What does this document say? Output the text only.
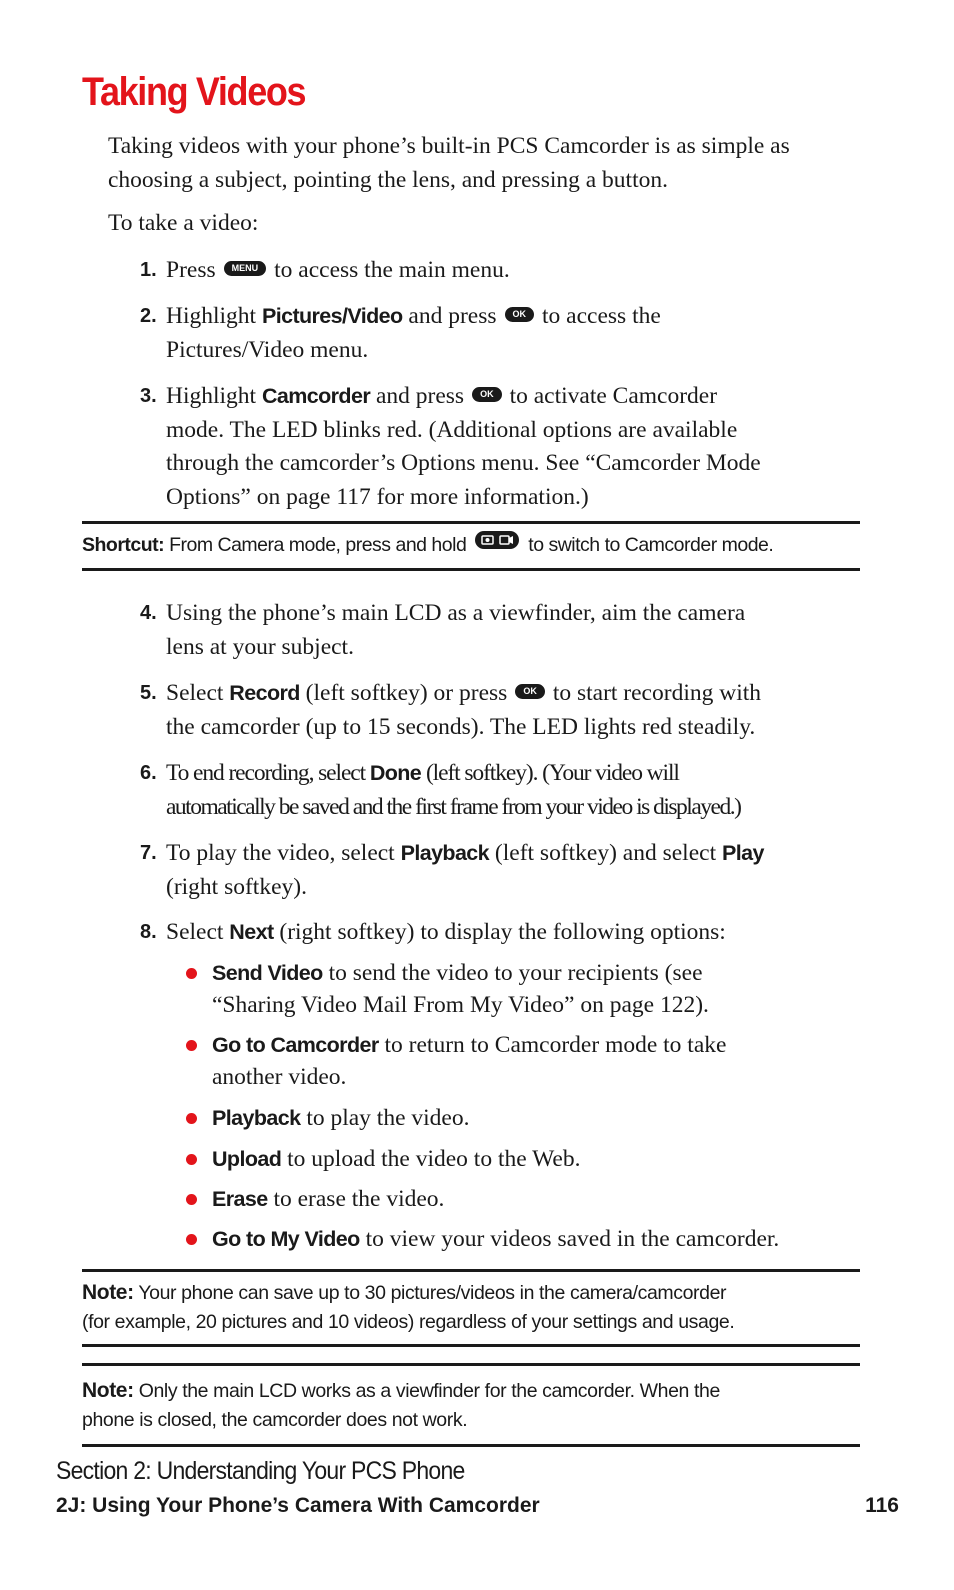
Taking Videos
Taking videos with your phone’s built-in PCS Camcorder is as simple as choosing a subject, pointing the lens, and pressing a button.
To take a video:
1. Press MENU to access the main menu.
2. Highlight Pictures/Video and press OK to access the
Pictures/Video menu.
3. Highlight Camcorder and press OK to activate Camcorder
mode. The LED blinks red. (Additional options are available
through the camcorder’s Options menu. See “Camcorder Mode
Options” on page 117 for more information.)
Shortcut: From Camera mode, press and hold	to switch to Camcorder mode.
4. Using the phone’s main LCD as a viewfinder, aim the camera
lens at your subject.
5. Select Record (left softkey) or press OK to start recording with
the camcorder (up to 15 seconds). The LED lights red steadily.
6. To end recording, select Done (left softkey). (Your video will
automatically be saved and the first frame from your video is displayed.)
7. To play the video, select Playback (left softkey) and select Play
(right softkey).
8. Select Next (right softkey) to display the following options:
Send Video to send the video to your recipients (see
“Sharing Video Mail From My Video” on page 122).
Go to Camcorder to return to Camcorder mode to take
another video.
Playback to play the video.
Upload to upload the video to the Web.
Erase to erase the video.
Go to My Video to view your videos saved in the camcorder.
Note: Your phone can save up to 30 pictures/videos in the camera/camcorder
(for example, 20 pictures and 10 videos) regardless of your settings and usage.
Note: Only the main LCD works as a viewfinder for the camcorder. When the
phone is closed, the camcorder does not work.
Section 2: Understanding Your PCS Phone
2J: Using Your Phone’s Camera With Camcorder	116
